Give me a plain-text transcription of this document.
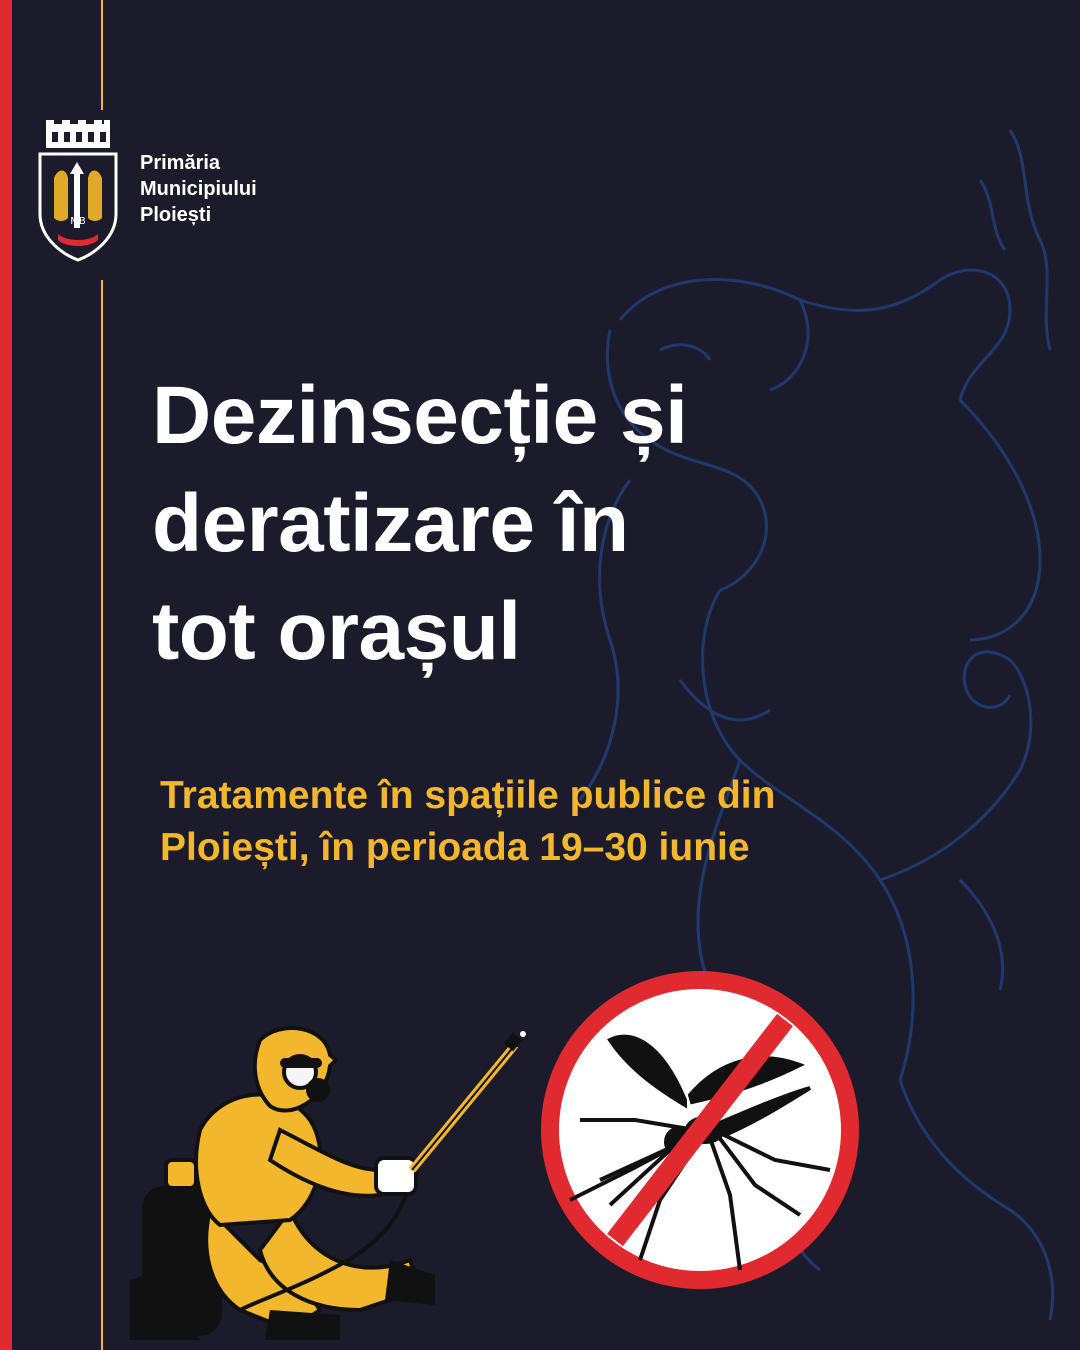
MB
Primăria
Municipiului
Ploiești
Dezinsecție și
deratizare în
tot orașul
Tratamente în spațiile publice din
Ploiești, în perioada 19–30 iunie
